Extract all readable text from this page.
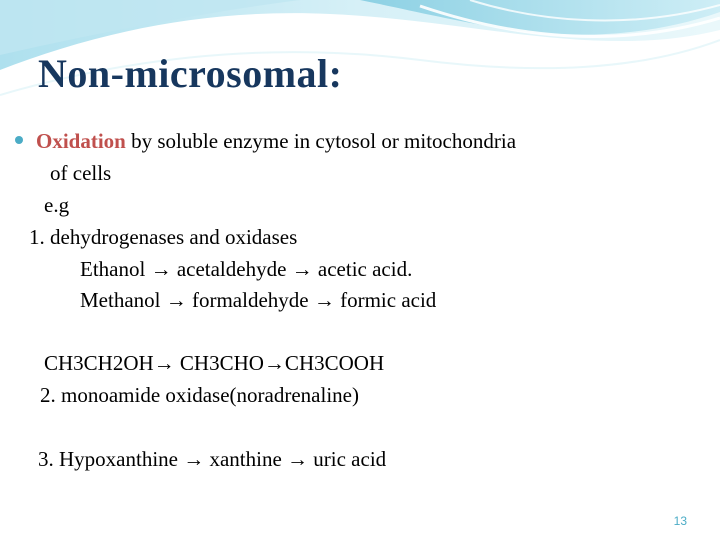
Non-microsomal:

Oxidation by soluble enzyme in cytosol or mitochondria

of cells

e.g

1. dehydrogenases and oxidases

Ethanol → acetaldehyde → acetic acid.

Methanol → formaldehyde → formic acid

CH3CH2OH→ CH3CHO→CH3COOH

2. monoamide oxidase(noradrenaline)

3. Hypoxanthine → xanthine → uric acid

13
